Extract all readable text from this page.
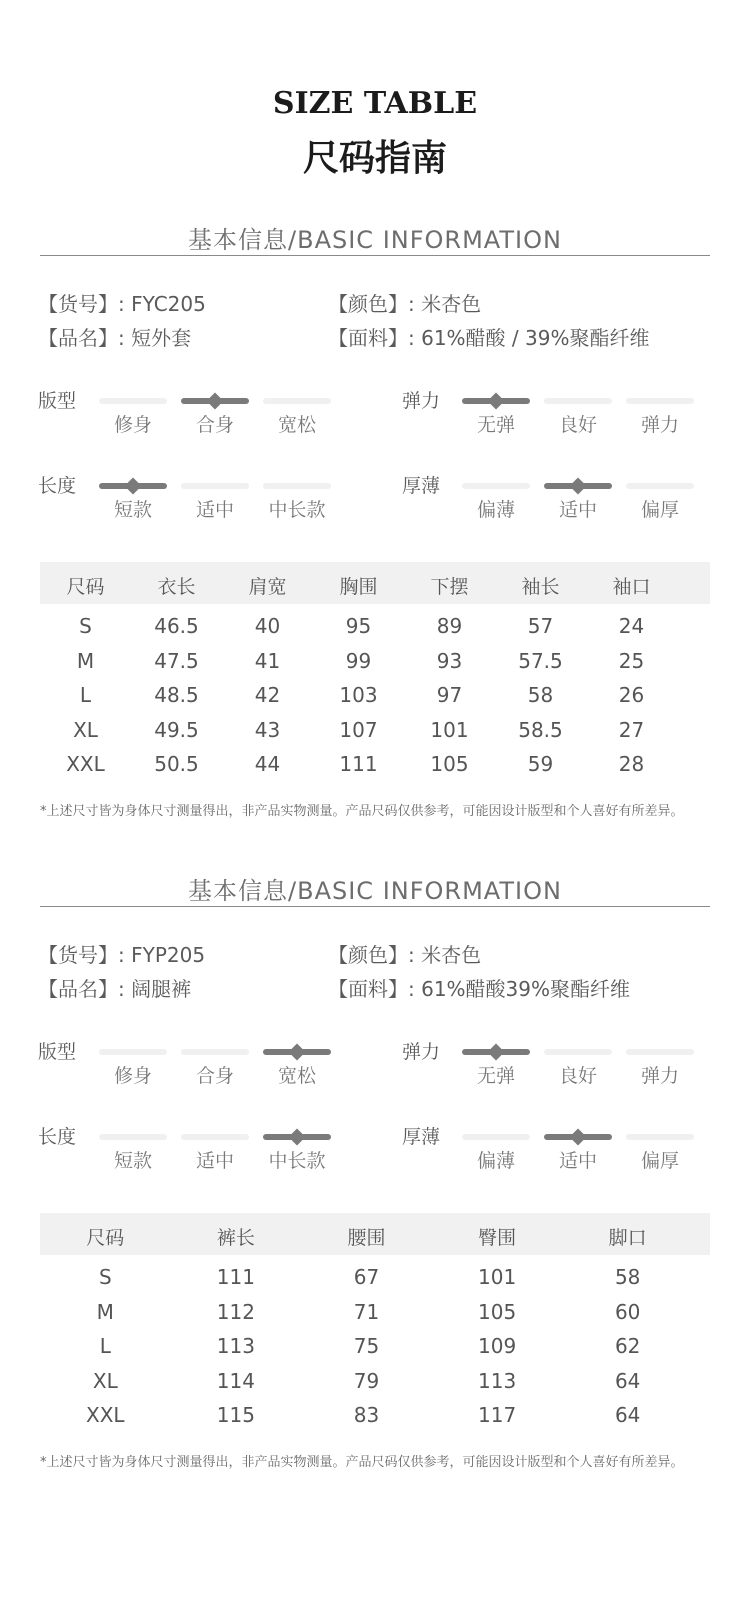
SIZE TABLE
尺码指南
基本信息/BASIC INFORMATION
【货号】: FYC205
【品名】: 短外套
【颜色】: 米杏色
【面料】: 61%醋酸 / 39%聚酯纤维
版型
修身	合身	宽松
弹力
无弹	良好	弹力
长度
短款	适中	中长款
厚薄
偏薄	适中	偏厚
尺码	衣长	肩宽	胸围	下摆	袖长	袖口
S	46.5	40	95	89	57	24
M	47.5	41	99	93	57.5	25
L	48.5	42	103	97	58	26
XL	49.5	43	107	101	58.5	27
XXL	50.5	44	111	105	59	28
*上述尺寸皆为身体尺寸测量得出，非产品实物测量。产品尺码仅供参考，可能因设计版型和个人喜好有所差异。
基本信息/BASIC INFORMATION
【货号】: FYP205
【品名】: 阔腿裤
【颜色】: 米杏色
【面料】: 61%醋酸39%聚酯纤维
版型
修身	合身	宽松
弹力
无弹	良好	弹力
长度
短款	适中	中长款
厚薄
偏薄	适中	偏厚
尺码	裤长	腰围	臀围	脚口
S	111	67	101	58
M	112	71	105	60
L	113	75	109	62
XL	114	79	113	64
XXL	115	83	117	64
*上述尺寸皆为身体尺寸测量得出，非产品实物测量。产品尺码仅供参考，可能因设计版型和个人喜好有所差异。
